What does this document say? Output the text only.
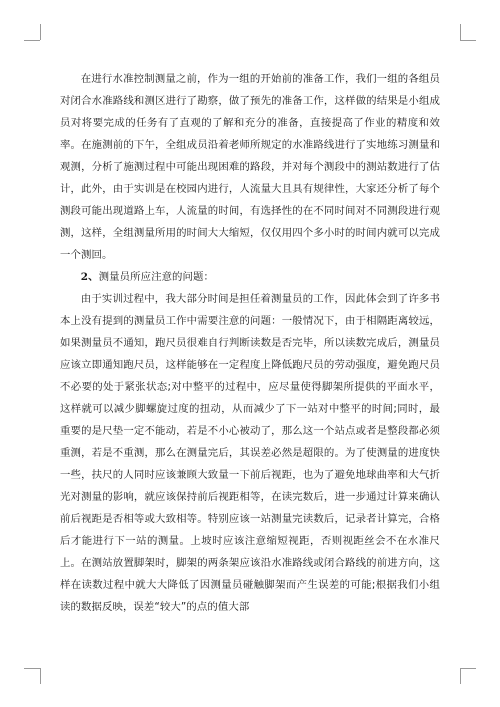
在进行水准控制测量之前，作为一组的开始前的准备工作，我们一组的各组员对闭合水准路线和测区进行了勘察，做了预先的准备工作，这样做的结果是小组成员对将要完成的任务有了直观的了解和充分的准备，直接提高了作业的精度和效率。在施测前的下午，全组成员沿着老师所规定的水准路线进行了实地练习测量和观测，分析了施测过程中可能出现困难的路段，并对每个测段中的测站数进行了估计，此外，由于实训是在校园内进行，人流量大且具有规律性，大家还分析了每个测段可能出现道路上车，人流量的时间，有选择性的在不同时间对不同测段进行观测，这样，全组测量所用的时间大大缩短，仅仅用四个多小时的时间内就可以完成一个测回。

2、测量员所应注意的问题：

由于实训过程中，我大部分时间是担任着测量员的工作，因此体会到了许多书本上没有提到的测量员工作中需要注意的问题：一般情况下，由于相隔距离较远，如果测量员不通知，跑尺员很难自行判断读数是否完毕，所以读数完成后，测量员应该立即通知跑尺员，这样能够在一定程度上降低跑尺员的劳动强度，避免跑尺员不必要的处于紧张状态;对中整平的过程中，应尽量使得脚架所提供的平面水平，这样就可以减少脚螺旋过度的扭动，从而减少了下一站对中整平的时间;同时，最重要的是尺垫一定不能动，若是不小心被动了，那么这一个站点或者是整段都必须重测，若是不重测，那么在测量完后，其误差必然是超限的。为了使测量的进度快一些，扶尺的人同时应该兼顾大致量一下前后视距，也为了避免地球曲率和大气折光对测量的影响，就应该保持前后视距相等，在读完数后，进一步通过计算来确认前后视距是否相等或大致相等。特别应该一站测量完读数后，记录者计算完，合格后才能进行下一站的测量。上坡时应该注意缩短视距，否则视距丝会不在水准尺上。在测站放置脚架时，脚架的两条架应该沿水准路线或闭合路线的前进方向，这样在读数过程中就大大降低了因测量员碰触脚架而产生误差的可能;根据我们小组读的数据反映，误差“较大”的点的值大部
